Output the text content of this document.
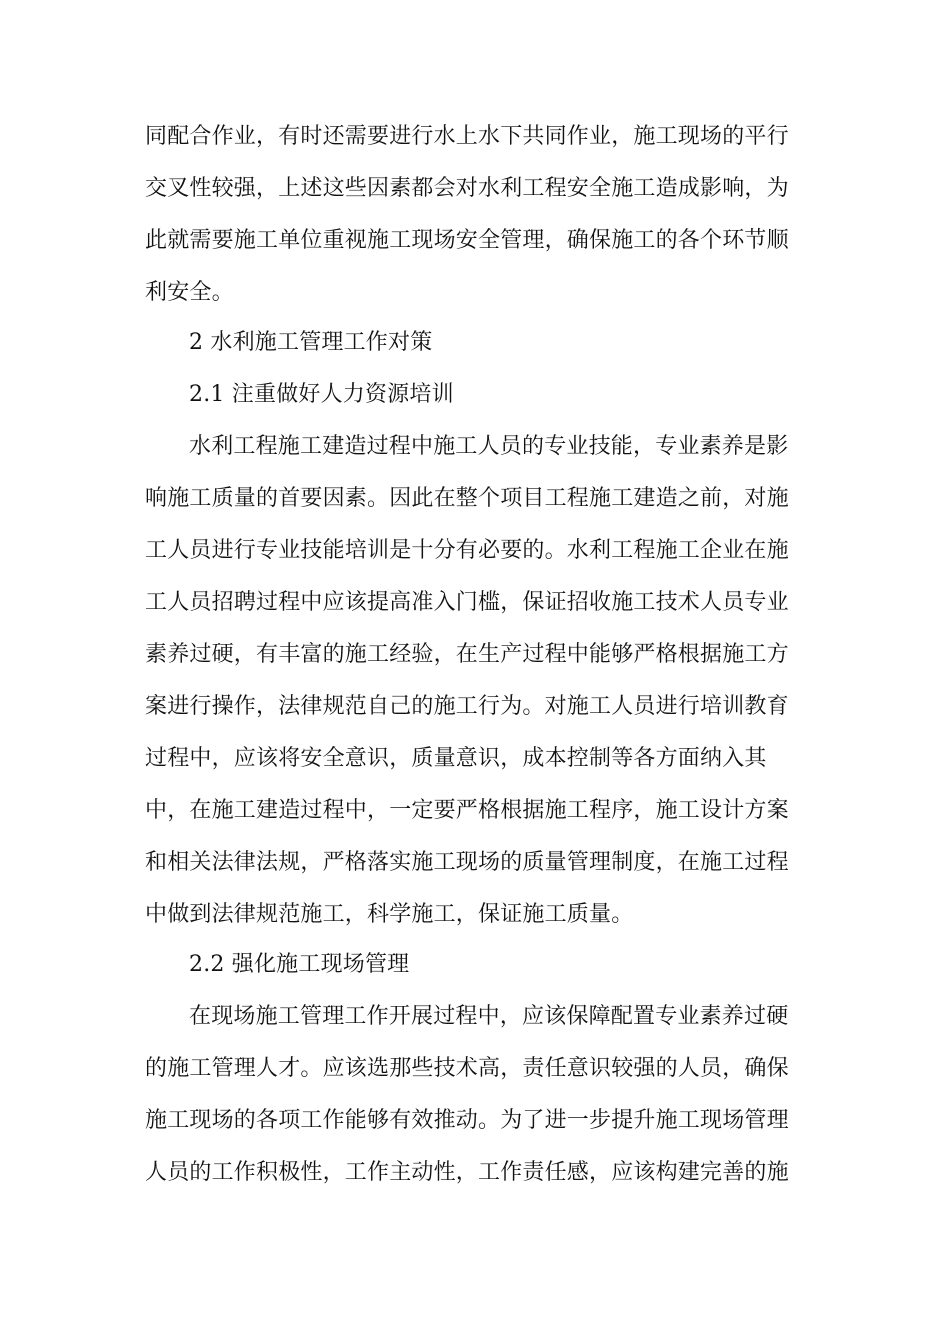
同配合作业，有时还需要进行水上水下共同作业，施工现场的平行
交叉性较强，上述这些因素都会对水利工程安全施工造成影响，为
此就需要施工单位重视施工现场安全管理，确保施工的各个环节顺
利安全。
2 水利施工管理工作对策
2.1 注重做好人力资源培训
水利工程施工建造过程中施工人员的专业技能，专业素养是影
响施工质量的首要因素。因此在整个项目工程施工建造之前，对施
工人员进行专业技能培训是十分有必要的。水利工程施工企业在施
工人员招聘过程中应该提高准入门槛，保证招收施工技术人员专业
素养过硬，有丰富的施工经验，在生产过程中能够严格根据施工方
案进行操作，法律规范自己的施工行为。对施工人员进行培训教育
过程中，应该将安全意识，质量意识，成本控制等各方面纳入其
中，在施工建造过程中，一定要严格根据施工程序，施工设计方案
和相关法律法规，严格落实施工现场的质量管理制度，在施工过程
中做到法律规范施工，科学施工，保证施工质量。
2.2 强化施工现场管理
在现场施工管理工作开展过程中，应该保障配置专业素养过硬
的施工管理人才。应该选那些技术高，责任意识较强的人员，确保
施工现场的各项工作能够有效推动。为了进一步提升施工现场管理
人员的工作积极性，工作主动性，工作责任感，应该构建完善的施
